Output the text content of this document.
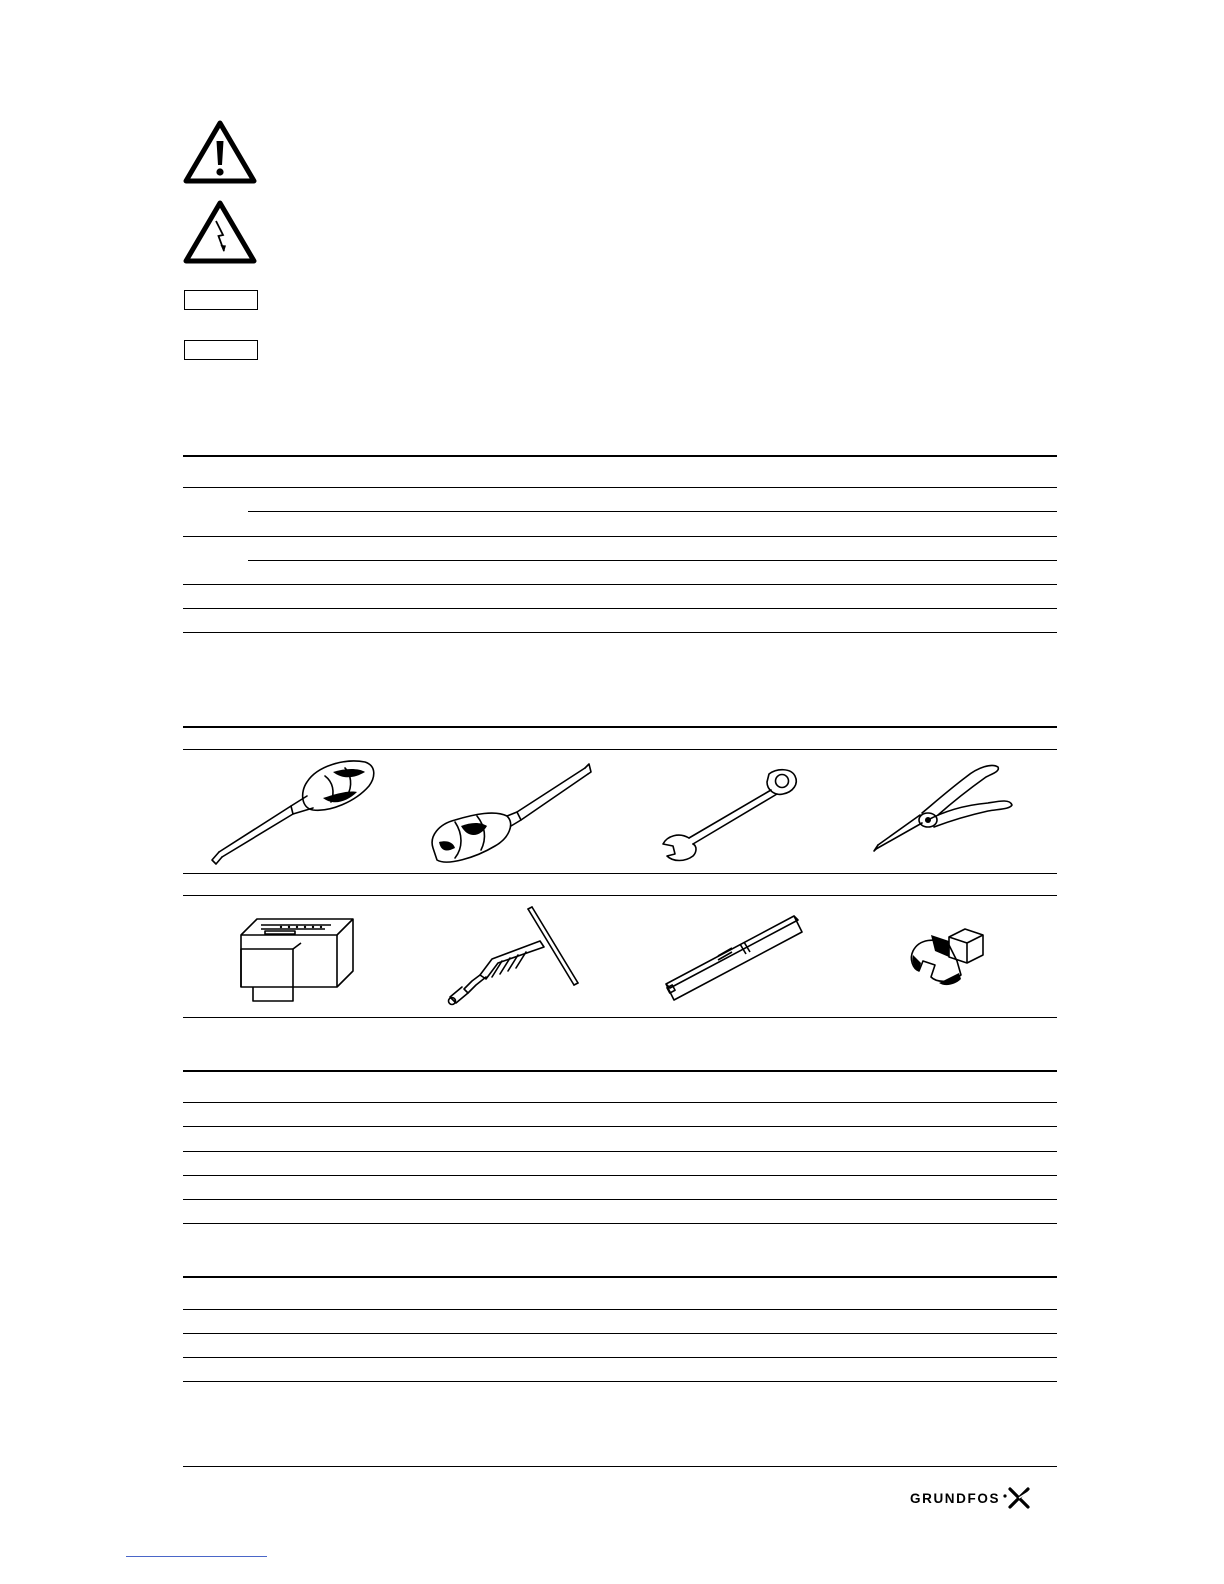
GRUNDFOS
